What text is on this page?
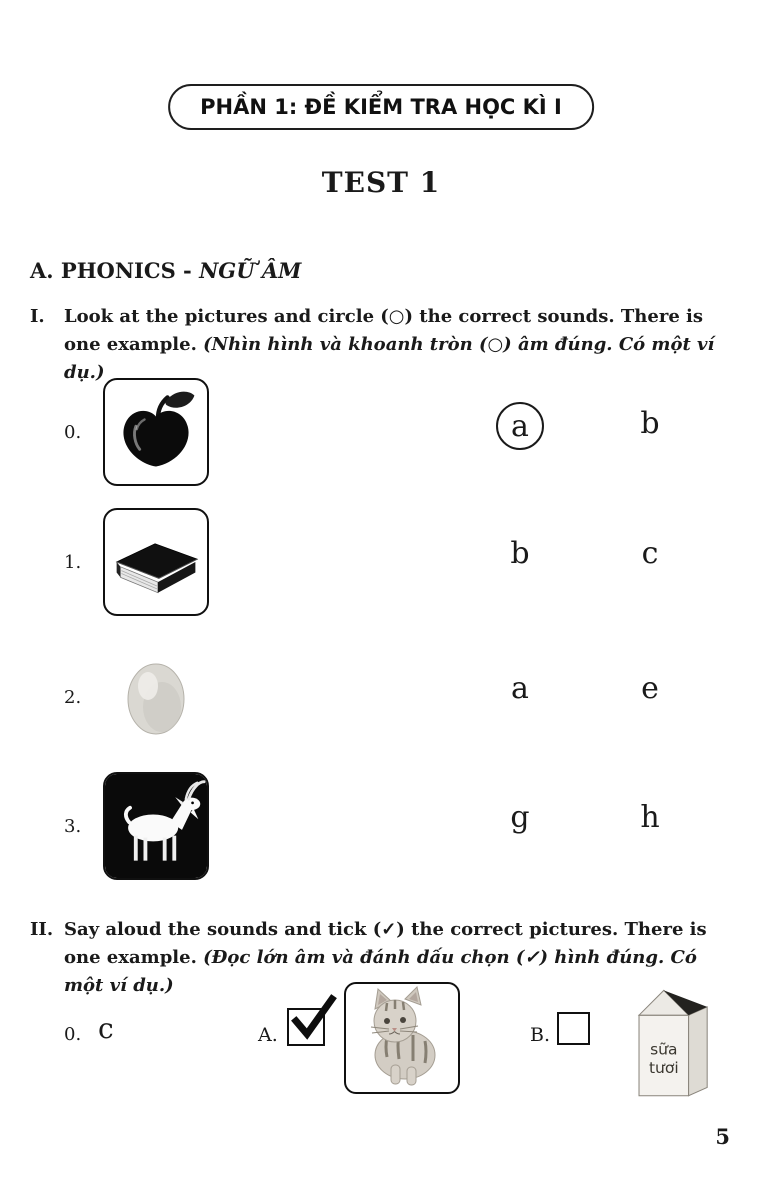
PHẦN 1: ĐỀ KIỂM TRA HỌC KÌ I
TEST 1
A. PHONICS - NGỮ ÂM
I.	Look at the pictures and circle (○) the correct sounds. There is one example. (Nhìn hình và khoanh tròn (○) âm đúng. Có một ví dụ.)
0.	a	b
1.	b	c
2.	a	e
3.	g	h
II. Say aloud the sounds and tick (✓) the correct pictures. There is one example. (Đọc lớn âm và đánh dấu chọn (✓) hình đúng. Có một ví dụ.)
0. c	A.	B.
sữa
tươi
5
